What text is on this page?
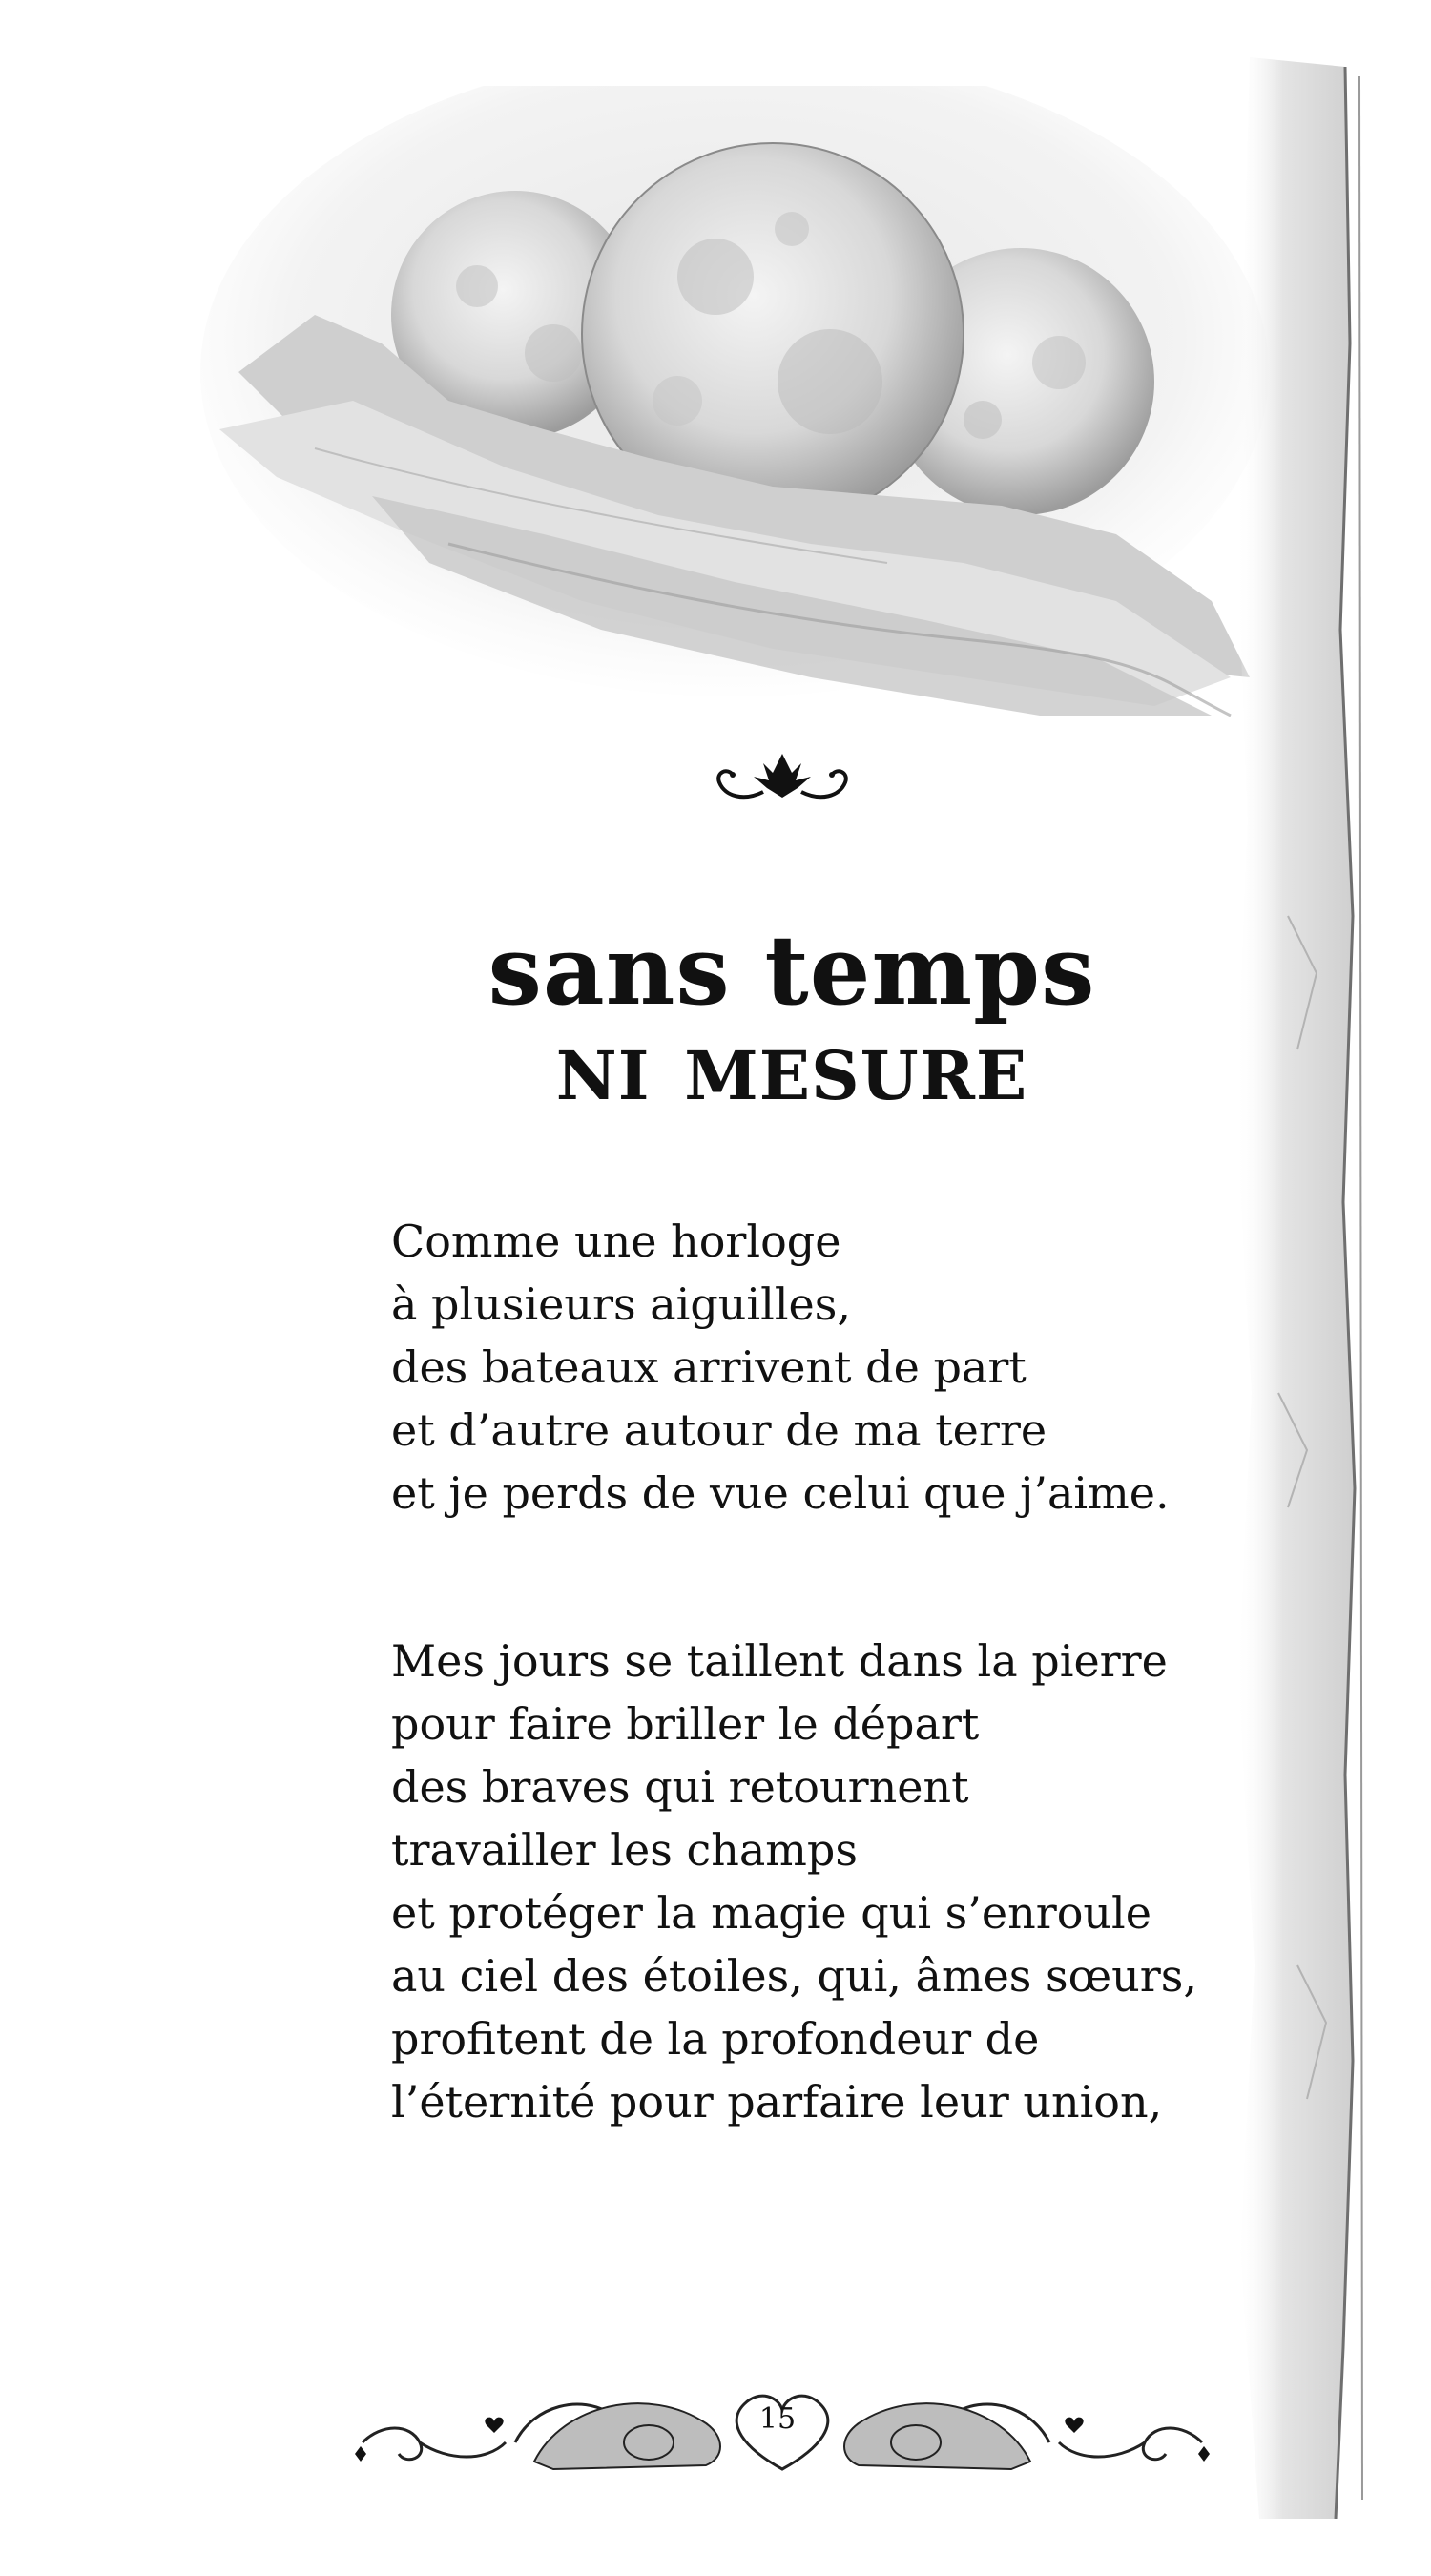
sans temps
ni mesure
Comme une horloge
à plusieurs aiguilles,
des bateaux arrivent de part
et d’autre autour de ma terre
et je perds de vue celui que j’aime.
Mes jours se taillent dans la pierre
pour faire briller le départ
des braves qui retournent
travailler les champs
et protéger la magie qui s’enroule
au ciel des étoiles, qui, âmes sœurs,
profitent de la profondeur de
l’éternité pour parfaire leur union,
15
